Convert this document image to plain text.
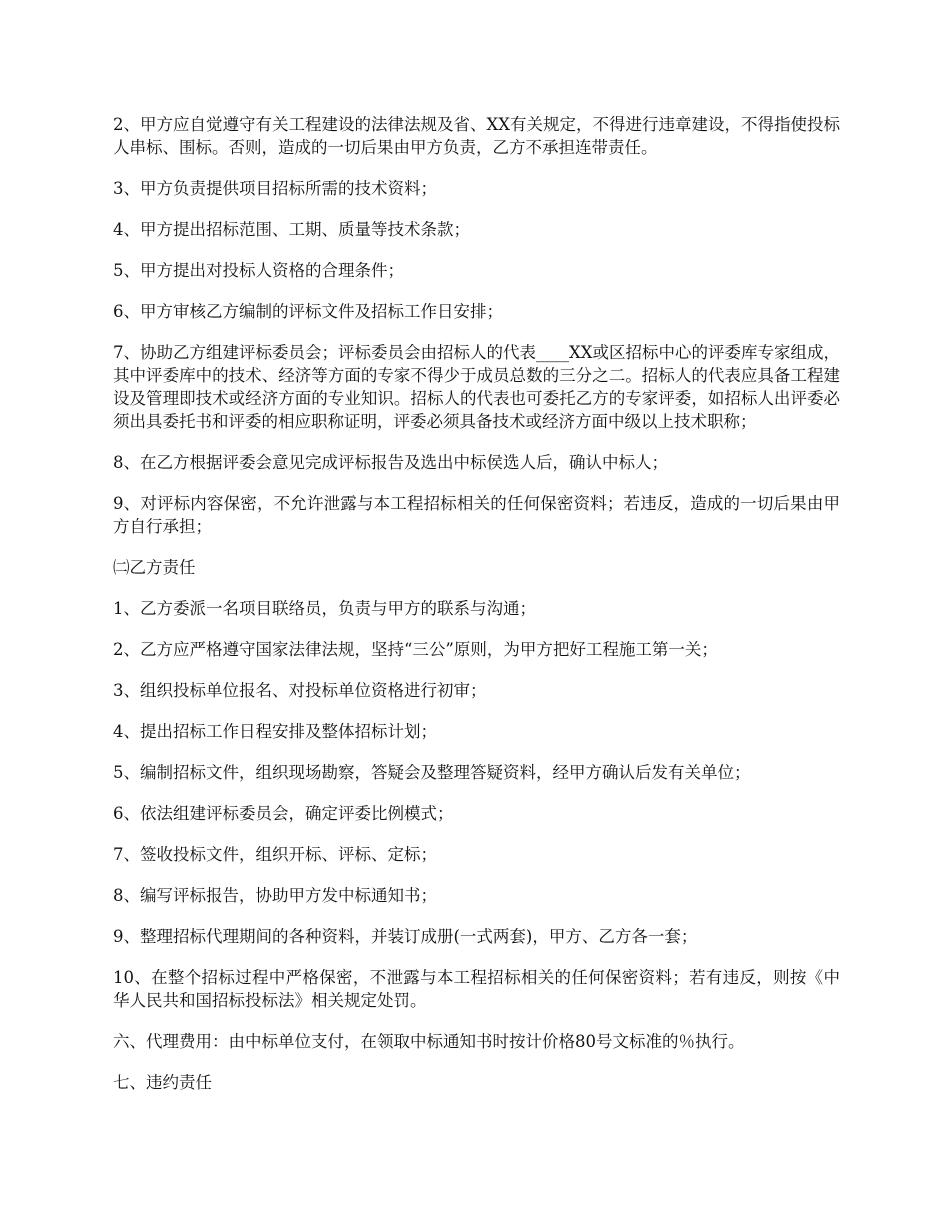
2、甲方应自觉遵守有关工程建设的法律法规及省、XX有关规定，不得进行违章建设，不得指使投标人串标、围标。否则，造成的一切后果由甲方负责，乙方不承担连带责任。

3、甲方负责提供项目招标所需的技术资料；

4、甲方提出招标范围、工期、质量等技术条款；

5、甲方提出对投标人资格的合理条件；

6、甲方审核乙方编制的评标文件及招标工作日安排；

7、协助乙方组建评标委员会；评标委员会由招标人的代表____XX或区招标中心的评委库专家组成，其中评委库中的技术、经济等方面的专家不得少于成员总数的三分之二。招标人的代表应具备工程建设及管理即技术或经济方面的专业知识。招标人的代表也可委托乙方的专家评委，如招标人出评委必须出具委托书和评委的相应职称证明，评委必须具备技术或经济方面中级以上技术职称；

8、在乙方根据评委会意见完成评标报告及选出中标侯选人后，确认中标人；

9、对评标内容保密，不允许泄露与本工程招标相关的任何保密资料；若违反，造成的一切后果由甲方自行承担；

㈡乙方责任

1、乙方委派一名项目联络员，负责与甲方的联系与沟通；

2、乙方应严格遵守国家法律法规，坚持“三公”原则，为甲方把好工程施工第一关；

3、组织投标单位报名、对投标单位资格进行初审；

4、提出招标工作日程安排及整体招标计划；

5、编制招标文件，组织现场勘察，答疑会及整理答疑资料，经甲方确认后发有关单位；

6、依法组建评标委员会，确定评委比例模式；

7、签收投标文件，组织开标、评标、定标；

8、编写评标报告，协助甲方发中标通知书；

9、整理招标代理期间的各种资料，并装订成册(一式两套)，甲方、乙方各一套；

10、在整个招标过程中严格保密，不泄露与本工程招标相关的任何保密资料；若有违反，则按《中华人民共和国招标投标法》相关规定处罚。

六、代理费用：由中标单位支付，在领取中标通知书时按计价格80号文标准的％执行。

七、违约责任
